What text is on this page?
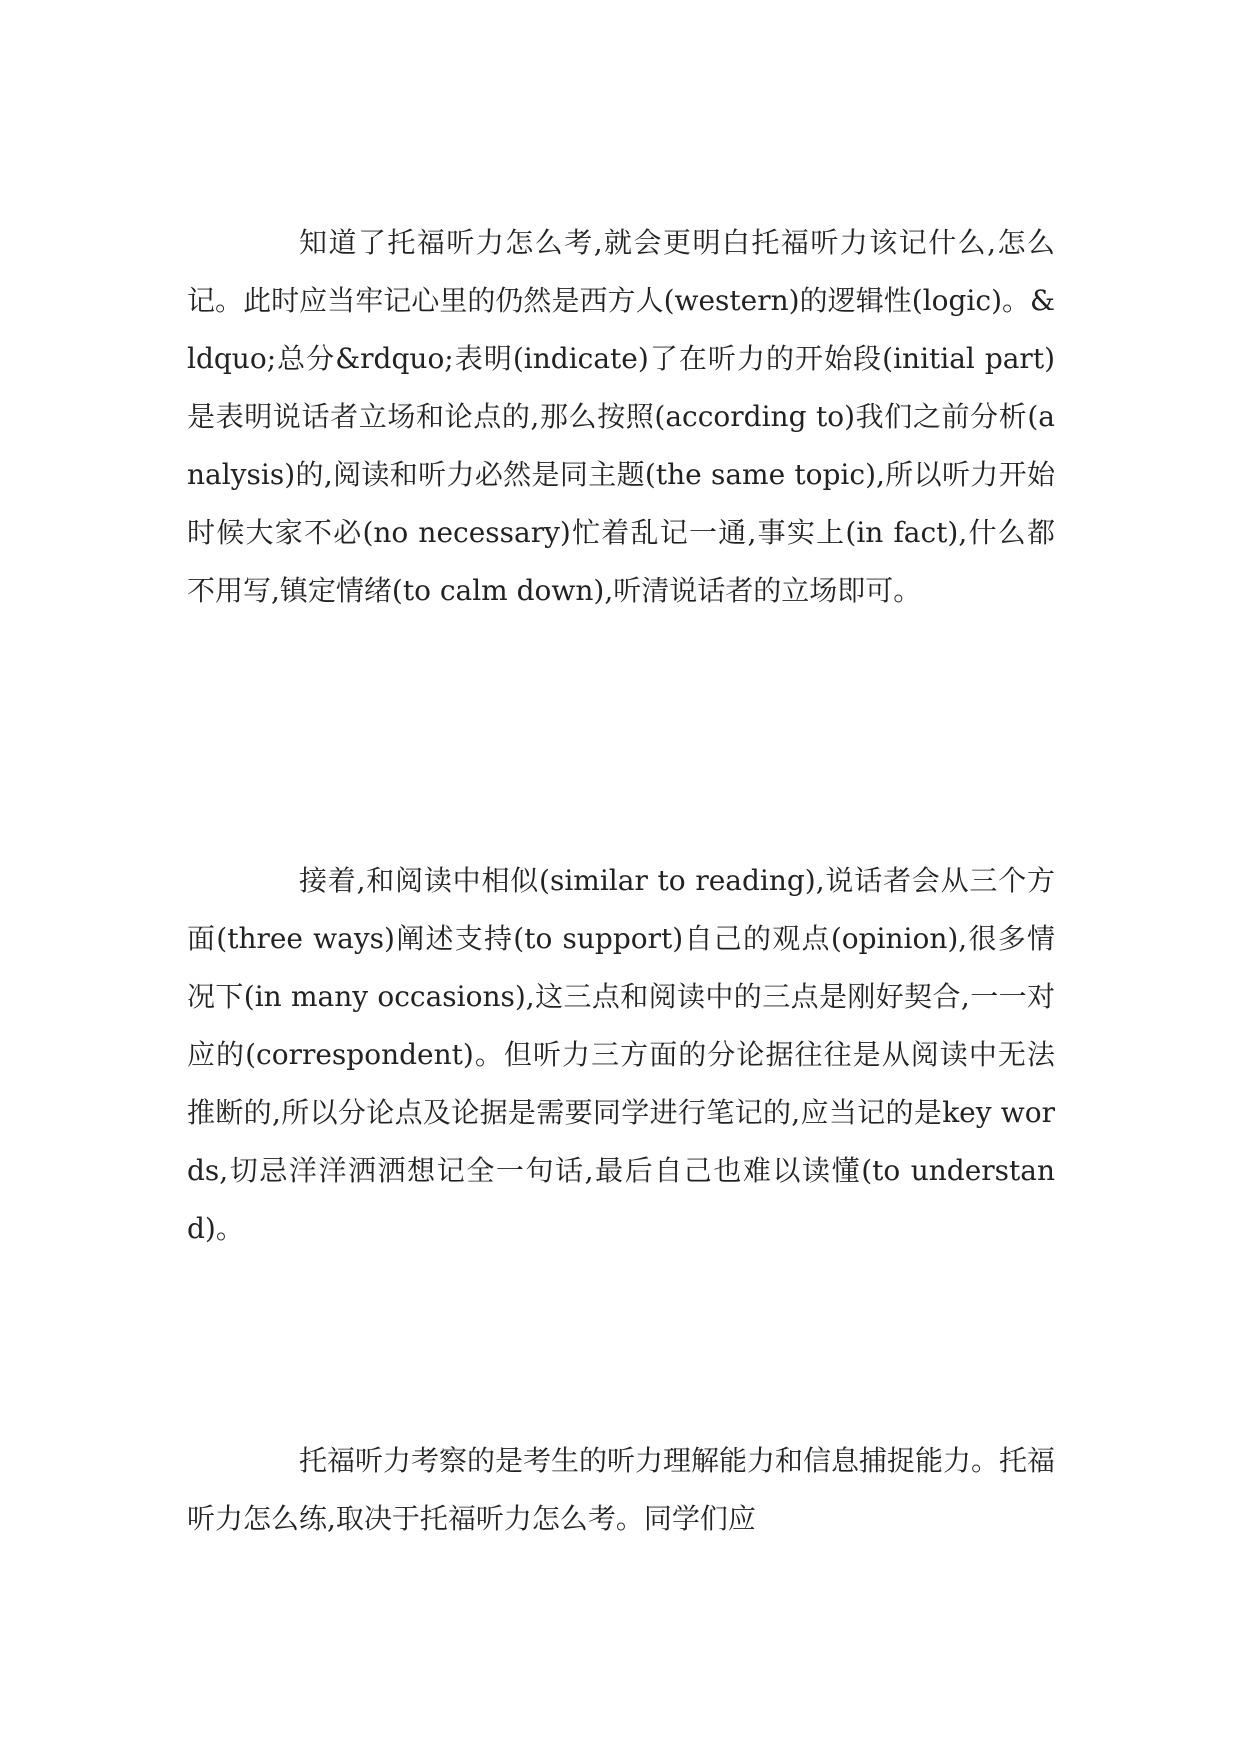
知道了托福听力怎么考,就会更明白托福听力该记什么,怎么记。此时应当牢记心里的仍然是西方人(western)的逻辑性(logic)。&ldquo;总分&rdquo;表明(indicate)了在听力的开始段(initial part)是表明说话者立场和论点的,那么按照(according to)我们之前分析(analysis)的,阅读和听力必然是同主题(the same topic),所以听力开始时候大家不必(no necessary)忙着乱记一通,事实上(in fact),什么都不用写,镇定情绪(to calm down),听清说话者的立场即可。

接着,和阅读中相似(similar to reading),说话者会从三个方面(three ways)阐述支持(to support)自己的观点(opinion),很多情况下(in many occasions),这三点和阅读中的三点是刚好契合,一一对应的(correspondent)。但听力三方面的分论据往往是从阅读中无法推断的,所以分论点及论据是需要同学进行笔记的,应当记的是key words,切忌洋洋洒洒想记全一句话,最后自己也难以读懂(to understand)。

托福听力考察的是考生的听力理解能力和信息捕捉能力。托福听力怎么练,取决于托福听力怎么考。同学们应
